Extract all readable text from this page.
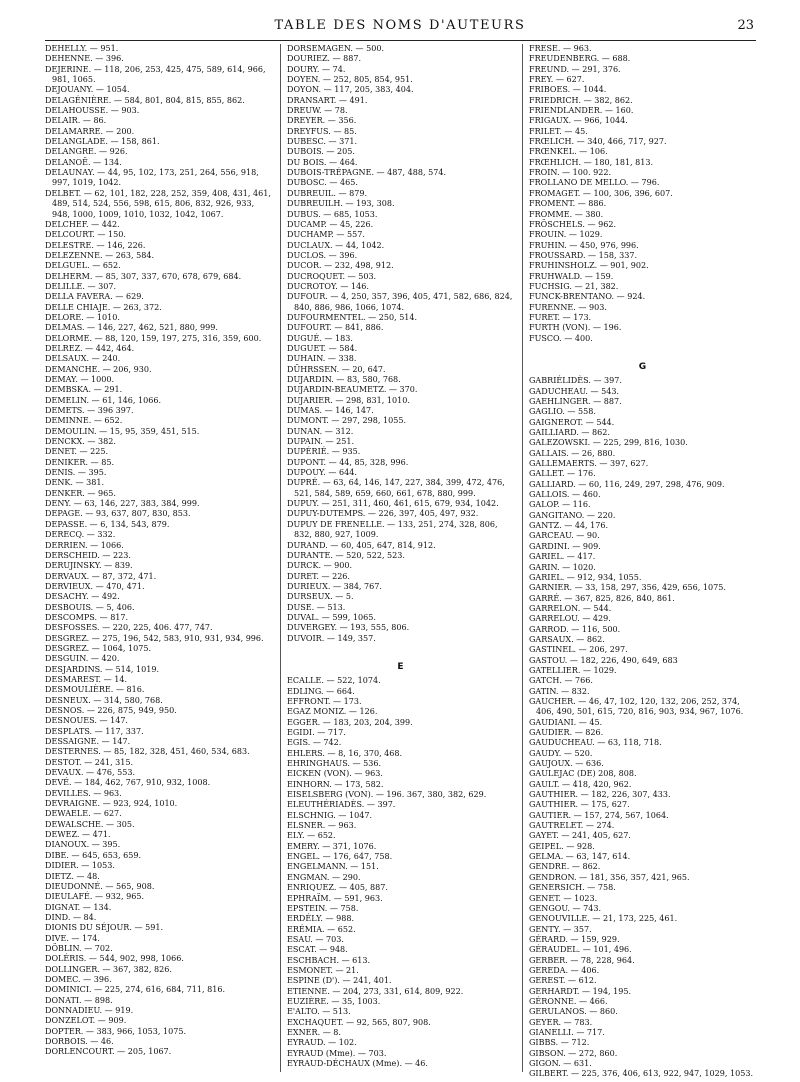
TABLE DES NOMS D'AUTEURS	23
DEHELLY. — 951.
DEHENNE. — 396.
DEJERINE. — 118, 206, 253, 425, 475, 589, 614, 966, 981, 1065.
DEJOUANY. — 1054.
DELAGÉNIÈRE. — 584, 801, 804, 815, 855, 862.
DELAHOUSSE. — 903.
DELAIR. — 86.
DELAMARRE. — 200.
DELANGLADE. — 158, 861.
DELANGRE. — 926.
DELANOË. — 134.
DELAUNAY. — 44, 95, 102, 173, 251, 264, 556, 918, 997, 1019, 1042.
DELBET. — 62, 101, 182, 228, 252, 359, 408, 431, 461, 489, 514, 524, 556, 598, 615, 806, 832, 926, 933, 948, 1000, 1009, 1010, 1032, 1042, 1067.
DELCHEF. — 442.
DELCOURT. — 150.
DELESTRE. — 146, 226.
DELEZENNE. — 263, 584.
DELGUEL. — 652.
DELHERM. — 85, 307, 337, 670, 678, 679, 684.
DELILLE. — 307.
DELLA FAVERA. — 629.
DELLE CHIAJE. — 263, 372.
DELORE. — 1010.
DELMAS. — 146, 227, 462, 521, 880, 999.
DELORME. — 88, 120, 159, 197, 275, 316, 359, 600.
DELREZ. — 442, 464.
DELSAUX. — 240.
DEMANCHE. — 206, 930.
DEMAY. — 1000.
DEMBSKA. — 291.
DEMELIN. — 61, 146, 1066.
DEMETS. — 396 397.
DEMINNE. — 652.
DEMOULIN. — 15, 95, 359, 451, 515.
DENCKX. — 382.
DENET. — 225.
DENIKER. — 85.
DENIS. — 395.
DENK. — 381.
DENKER. — 965.
DENY. — 63, 146, 227, 383, 384, 999.
DEPAGE. — 93, 637, 807, 830, 853.
DEPASSE. — 6, 134, 543, 879.
DERECQ. — 332.
DERRIEN. — 1066.
DERSCHEID. — 223.
DERUJINSKY. — 839.
DERVAUX. — 87, 372, 471.
DERVIEUX. — 470, 471.
DESACHY. — 492.
DESBOUIS. — 5, 406.
DESCOMPS. — 817.
DESFOSSES. — 220, 225, 406. 477, 747.
DESGREZ. — 275, 196, 542, 583, 910, 931, 934, 996.
DESGREZ. — 1064, 1075.
DESGUIN. — 420.
DESJARDINS. — 514, 1019.
DESMAREST. — 14.
DESMOULIÈRE. — 816.
DESNEUX. — 314, 580, 768.
DESNOS. — 226, 875, 949, 950.
DESNOUES. — 147.
DESPLATS. — 117, 337.
DESSAIGNE. — 147.
DESTERNES. — 85, 182, 328, 451, 460, 534, 683.
DESTOT. — 241, 315.
DEVAUX. — 476, 553.
DEVÉ. — 184, 462, 767, 910, 932, 1008.
DEVILLES. — 963.
DEVRAIGNE. — 923, 924, 1010.
DEWAELE. — 627.
DEWALSCHE. — 305.
DEWEZ. — 471.
DIANOUX. — 395.
DIBE. — 645, 653, 659.
DIDIER. — 1053.
DIETZ. — 48.
DIEUDONNÉ. — 565, 908.
DIEULAFÉ. — 932, 965.
DIGNAT. — 134.
DIND. — 84.
DIONIS DU SÉJOUR. — 591.
DIVE. — 174.
DÖBLIN. — 702.
DOLÉRIS. — 544, 902, 998, 1066.
DOLLINGER. — 367, 382, 826.
DOMEC. — 396.
DOMINICI. — 225, 274, 616, 684, 711, 816.
DONATI. — 898.
DONNADIEU. — 919.
DONZELOT. — 909.
DOPTER. — 383, 966, 1053, 1075.
DORBOIS. — 46.
DORLENCOURT. — 205, 1067.
DORSEMAGEN. — 500.
DOURIEZ. — 887.
DOURY. — 74.
DOYEN. — 252, 805, 854, 951.
DOYON. — 117, 205, 383, 404.
DRANSART. — 491.
DREUW. — 78.
DREYER. — 356.
DREYFUS. — 85.
DUBESC. — 371.
DUBOIS. — 205.
DU BOIS. — 464.
DUBOIS-TRÉPAGNE. — 487, 488, 574.
DUBOSC. — 465.
DUBREUIL. — 879.
DUBREUILH. — 193, 308.
DUBUS. — 685, 1053.
DUCAMP. — 45, 226.
DUCHAMP. — 557.
DUCLAUX. — 44, 1042.
DUCLOS. — 396.
DUCOR. — 232, 498, 912.
DUCROQUET. — 503.
DUCROTOY. — 146.
DUFOUR. — 4, 250, 357, 396, 405, 471, 582, 686, 824, 840, 886, 986, 1066, 1074.
DUFOURMENTEL. — 250, 514.
DUFOURT. — 841, 886.
DUGUÉ. — 183.
DUGUET. — 584.
DUHAIN. — 338.
DÜHRSSEN. — 20, 647.
DUJARDIN. — 83, 580, 768.
DUJARDIN-BEAUMETZ. — 370.
DUJARIER. — 298, 831, 1010.
DUMAS. — 146, 147.
DUMONT. — 297, 298, 1055.
DUNAN. — 312.
DUPAIN. — 251.
DUPÉRIÉ. — 935.
DUPONT. — 44, 85, 328, 996.
DUPOUY. — 644.
DUPRÉ. — 63, 64, 146, 147, 227, 384, 399, 472, 476, 521, 584, 589, 659, 660, 661, 678, 880, 999.
DUPUY. — 251, 311, 460, 461, 615, 679, 934, 1042.
DUPUY-DUTEMPS. — 226, 397, 405, 497, 932.
DUPUY DE FRENELLE. — 133, 251, 274, 328, 806, 832, 880, 927, 1009.
DURAND. — 60, 405, 647, 814, 912.
DURANTE. — 520, 522, 523.
DURCK. — 900.
DURET. — 226.
DURIEUX. — 384, 767.
DURSEUX. — 5.
DUSE. — 513.
DUVAL. — 599, 1065.
DUVERGEY. — 193, 555, 806.
DUVOIR. — 149, 357.
E
ECALLE. — 522, 1074.
EDLING. — 664.
EFFRONT. — 173.
EGAZ MONIZ. — 126.
EGGER. — 183, 203, 204, 399.
EGIDI. — 717.
EGIS. — 742.
EHLERS. — 8, 16, 370, 468.
EHRINGHAUS. — 536.
EICKEN (VON). — 963.
EINHORN. — 173, 582.
EISELSBERG (VON). — 196. 367, 380, 382, 629.
ELEUTHÉRIADÈS. — 397.
ELSCHNIG. — 1047.
ELSNER. — 963.
ELY. — 652.
EMERY. — 371, 1076.
ENGEL. — 176, 647, 758.
ENGELMANN. — 151.
ENGMAN. — 290.
ENRIQUEZ. — 405, 887.
EPHRAÏM. — 591, 963.
EPSTEIN. — 758.
ERDÉLY. — 988.
ERÉMIA. — 652.
ESAU. — 703.
ESCAT. — 948.
ESCHBACH. — 613.
ESMONET. — 21.
ESPINE (D'). — 241, 401.
ETIENNE. — 204, 273, 331, 614, 809, 922.
EUZIÈRE. — 35, 1003.
E'ALTO. — 513.
EXCHAQUET. — 92, 565, 807, 908.
EXNER. — 8.
EYRAUD. — 102.
EYRAUD (Mme). — 703.
EYRAUD-DÉCHAUX (Mme). — 46.
FRESE. — 963.
FREUDENBERG. — 688.
FREUND. — 291, 376.
FREY. — 627.
FRIBOES. — 1044.
FRIEDRICH. — 382, 862.
FRIENDLANDER. — 160.
FRIGAUX. — 966, 1044.
FRILET. — 45.
FRŒLICH. — 340, 466, 717, 927.
FRŒNKEL. — 106.
FRŒHLICH. — 180, 181, 813.
FROIN. — 100. 922.
FROLLANO DE MELLO. — 796.
FROMAGET. — 100, 306, 396, 607.
FROMENT. — 886.
FROMME. — 380.
FRÖSCHELS. — 962.
FROUIN. — 1029.
FRUHIN. — 450, 976, 996.
FROUSSARD. — 158, 337.
FRUHINSHOLZ. — 901, 902.
FRUHWALD. — 159.
FUCHSIG. — 21, 382.
FUNCK-BRENTANO. — 924.
FURENNE. — 903.
FURET. — 173.
FURTH (VON). — 196.
FUSCO. — 400.
G
GABRIÉLIDÈS. — 397.
GADUCHEAU. — 543.
GAEHLINGER. — 887.
GAGLIO. — 558.
GAIGNEROT. — 544.
GAILLIARD. — 862.
GALEZOWSKI. — 225, 299, 816, 1030.
GALLAIS. — 26, 880.
GALLEMAERTS. — 397, 627.
GALLET. — 176.
GALLIARD. — 60, 116, 249, 297, 298, 476, 909.
GALLOIS. — 460.
GALOP. — 116.
GANGITANO. — 220.
GANTZ. — 44, 176.
GARCEAU. — 90.
GARDINI. — 909.
GARIEL. — 417.
GARIN. — 1020.
GARIEL. — 912, 934, 1055.
GARNIER. — 33, 158, 297, 356, 429, 656, 1075.
GARRÉ. — 367, 825, 826, 840, 861.
GARRELON. — 544.
GARRELOU. — 429.
GARROD. — 116, 500.
GARSAUX. — 862.
GASTINEL. — 206, 297.
GASTOU. — 182, 226, 490, 649, 683
GATELLIER. — 1029.
GATCH. — 766.
GATIN. — 832.
GAUCHER. — 46, 47, 102, 120, 132, 206, 252, 374, 406, 490, 501, 615, 720, 816, 903, 934, 967, 1076.
GAUDIANI. — 45.
GAUDIER. — 826.
GAUDUCHEAU. — 63, 118, 718.
GAUDY. — 520.
GAUJOUX. — 636.
GAULEJAC (DE) 208, 808.
GAULT. — 418, 420, 962.
GAUTHIER. — 182, 226, 307, 433.
GAUTHIER. — 175, 627.
GAUTIER. — 157, 274, 567, 1064.
GAUTRELET. — 274.
GAYET. — 241, 405, 627.
GEIPEL. — 928.
GELMA. — 63, 147, 614.
GENDRE. — 862.
GENDRON. — 181, 356, 357, 421, 965.
GENERSICH. — 758.
GENET. — 1023.
GENGOU. — 743.
GENOUVILLE. — 21, 173, 225, 461.
GENTY. — 357.
GÉRARD. — 159, 929.
GÉRAUDEL. — 101, 496.
GERBER. — 78, 228, 964.
GEREDA. — 406.
GEREST. — 612.
GERHARDT. — 194, 195.
GÉRONNE. — 466.
GERULANOS. — 860.
GEYER. — 783.
GIANELLI. — 717.
GIBBS. — 712.
GIBSON. — 272, 860.
GIGON. — 631.
GILBERT. — 225, 376, 406, 613, 922, 947, 1029, 1053.
